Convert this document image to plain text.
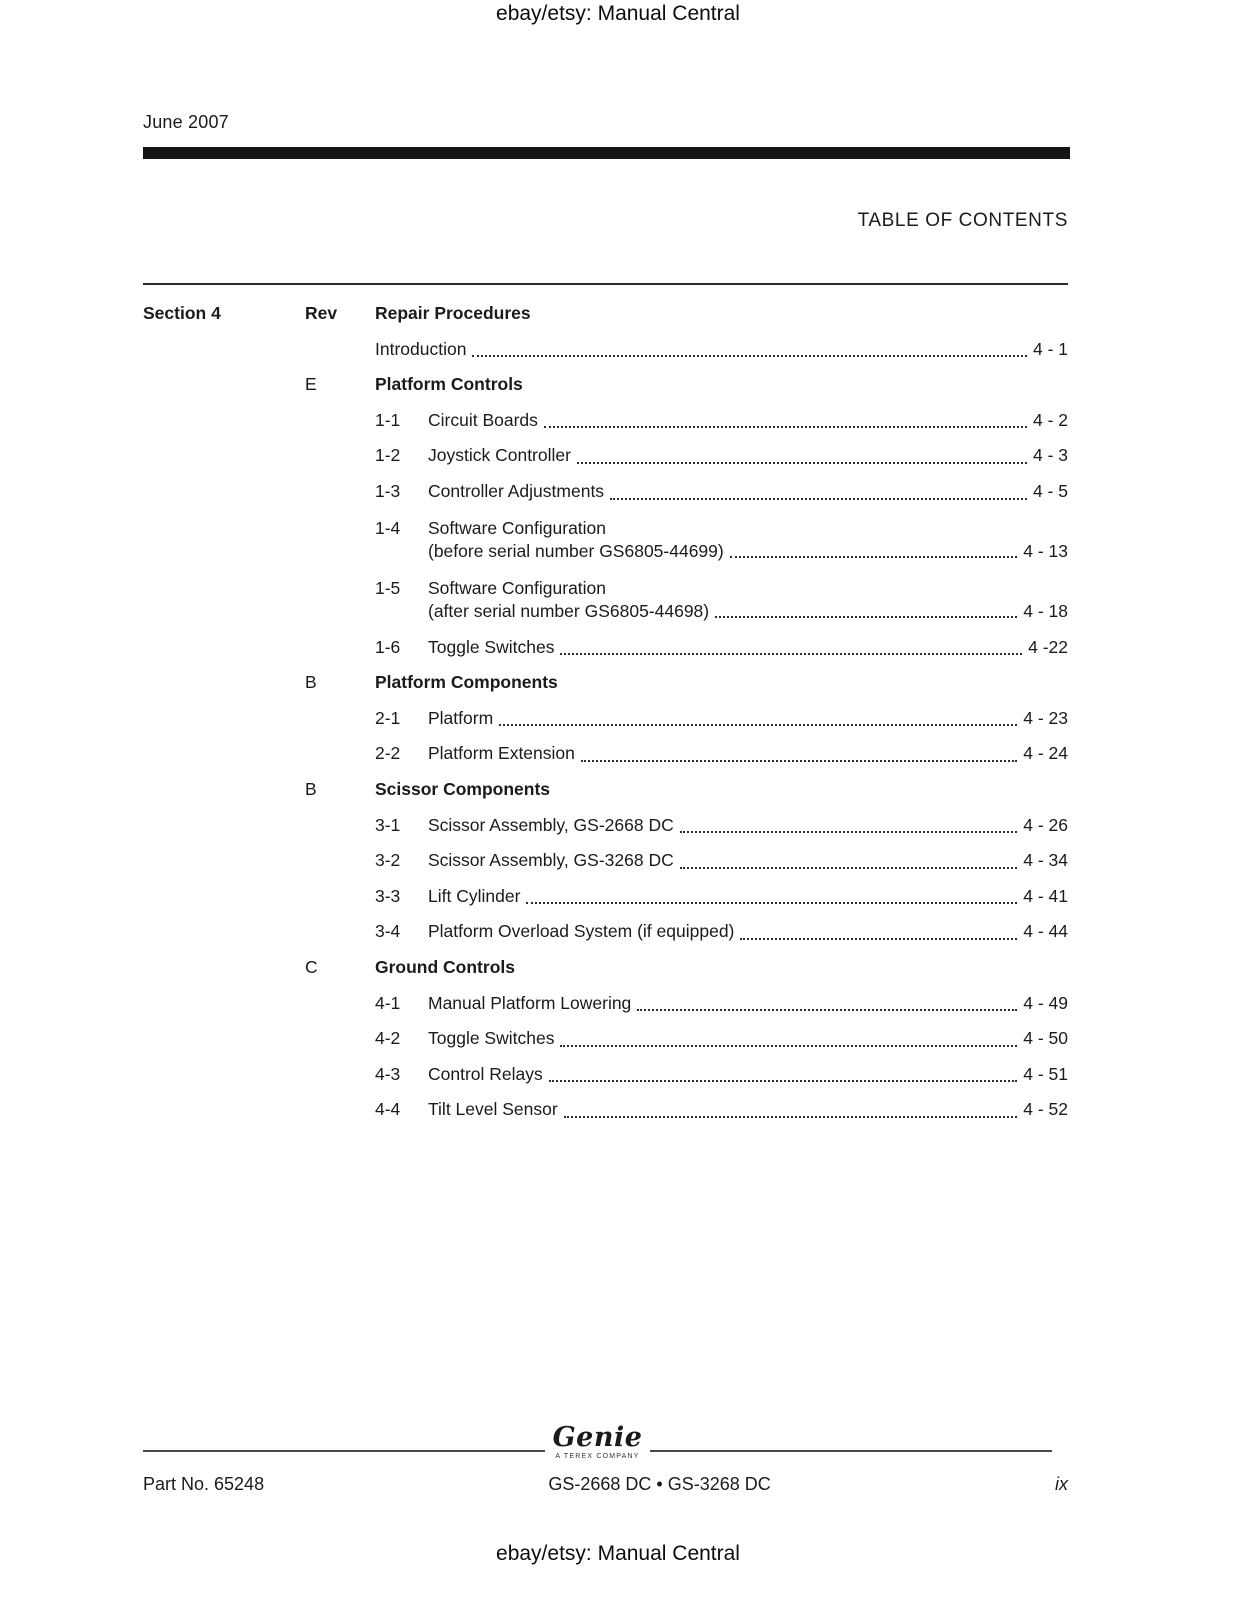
ebay/etsy: Manual Central
June 2007
TABLE OF CONTENTS
Section 4	Rev	Repair Procedures
Introduction	4 - 1
E	Platform Controls
1-1	Circuit Boards	4 - 2
1-2	Joystick Controller	4 - 3
1-3	Controller Adjustments	4 - 5
1-4	Software Configuration
(before serial number GS6805-44699)	4 - 13
1-5	Software Configuration
(after serial number GS6805-44698)	4 - 18
1-6	Toggle Switches	4 -22
B	Platform Components
2-1	Platform	4 - 23
2-2	Platform Extension	4 - 24
B	Scissor Components
3-1	Scissor Assembly, GS-2668 DC	4 - 26
3-2	Scissor Assembly, GS-3268 DC	4 - 34
3-3	Lift Cylinder	4 - 41
3-4	Platform Overload System (if equipped)	4 - 44
C	Ground Controls
4-1	Manual Platform Lowering	4 - 49
4-2	Toggle Switches	4 - 50
4-3	Control Relays	4 - 51
4-4	Tilt Level Sensor	4 - 52
Genie
A TEREX COMPANY
Part No. 65248	GS-2668 DC • GS-3268 DC	ix
ebay/etsy: Manual Central
